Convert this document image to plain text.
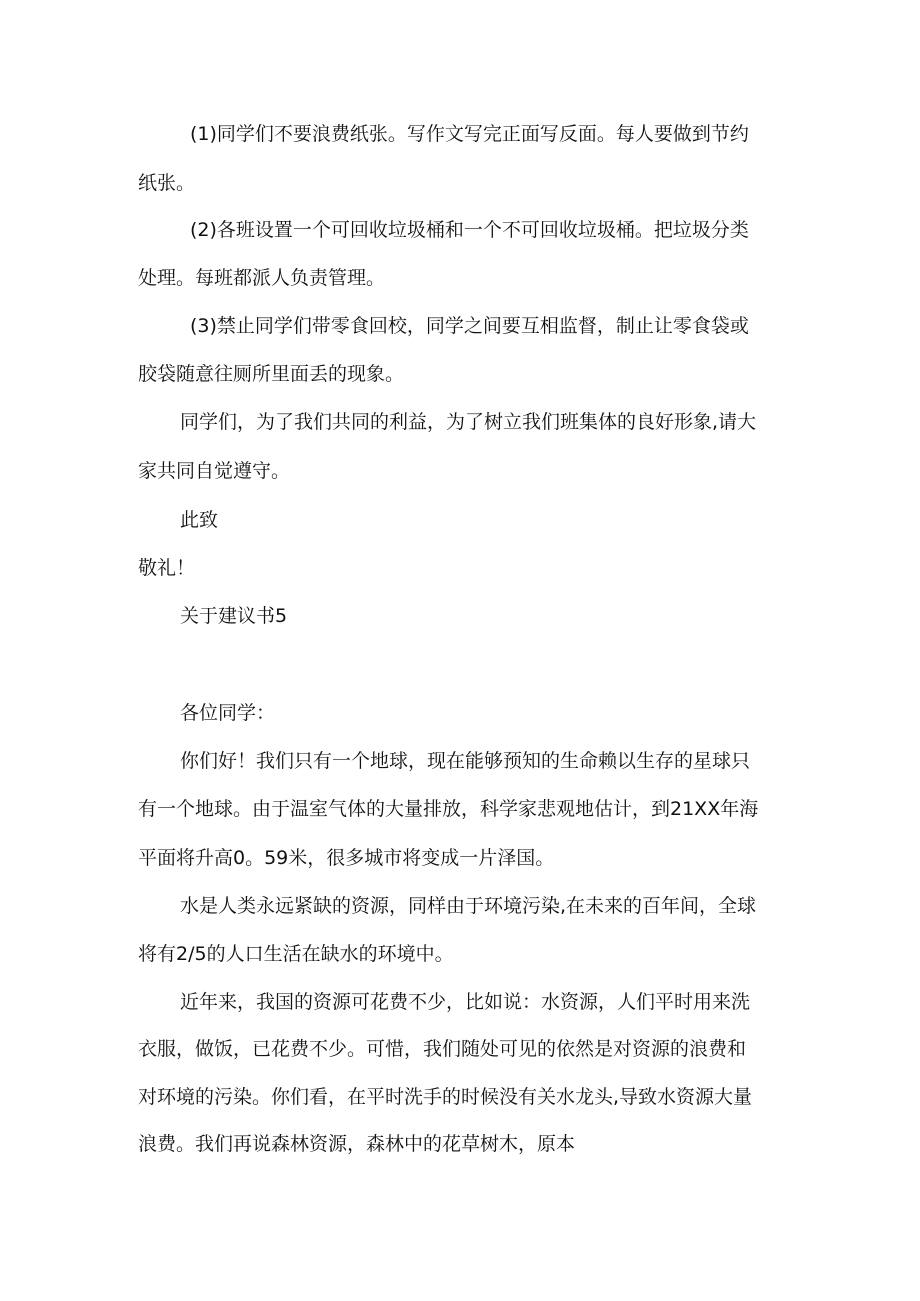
(1)同学们不要浪费纸张。写作文写完正面写反面。每人要做到节约
纸张。
(2)各班设置一个可回收垃圾桶和一个不可回收垃圾桶。把垃圾分类
处理。每班都派人负责管理。
(3)禁止同学们带零食回校，同学之间要互相监督，制止让零食袋或
胶袋随意往厕所里面丢的现象。
同学们，为了我们共同的利益，为了树立我们班集体的良好形象,请大
家共同自觉遵守。
此致
敬礼！
关于建议书5
各位同学：
你们好！我们只有一个地球，现在能够预知的生命赖以生存的星球只
有一个地球。由于温室气体的大量排放，科学家悲观地估计，到21XX年海
平面将升高0。59米，很多城市将变成一片泽国。
水是人类永远紧缺的资源，同样由于环境污染,在未来的百年间，全球
将有2/5的人口生活在缺水的环境中。
近年来，我国的资源可花费不少，比如说：水资源，人们平时用来洗
衣服，做饭，已花费不少。可惜，我们随处可见的依然是对资源的浪费和
对环境的污染。你们看，在平时洗手的时候没有关水龙头,导致水资源大量
浪费。我们再说森林资源，森林中的花草树木，原本
